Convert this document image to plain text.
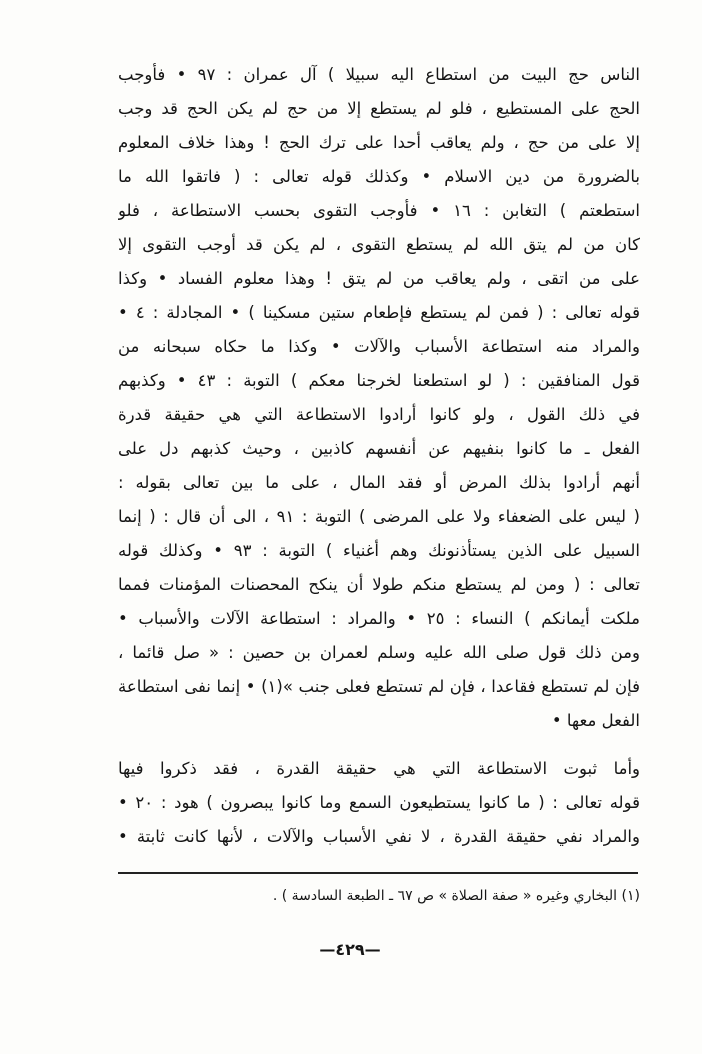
الناس حج البيت من استطاع اليه سبيلا ) آل عمران : ٩٧ • فأوجب
الحج على المستطيع ، فلو لم يستطع إلا من حج لم يكن الحج قد وجب
إلا على من حج ، ولم يعاقب أحدا على ترك الحج ! وهذا خلاف المعلوم
بالضرورة من دين الاسلام • وكذلك قوله تعالى : ( فاتقوا الله ما
استطعتم ) التغابن : ١٦ • فأوجب التقوى بحسب الاستطاعة ، فلو
كان من لم يتق الله لم يستطع التقوى ، لم يكن قد أوجب التقوى إلا
على من اتقى ، ولم يعاقب من لم يتق ! وهذا معلوم الفساد • وكذا
قوله تعالى : ( فمن لم يستطع فإطعام ستين مسكينا ) • المجادلة : ٤ •
والمراد منه استطاعة الأسباب والآلات • وكذا ما حكاه سبحانه من
قول المنافقين : ( لو استطعنا لخرجنا معكم ) التوبة : ٤٣ • وكذبهم
في ذلك القول ، ولو كانوا أرادوا الاستطاعة التي هي حقيقة قدرة
الفعل ـ ما كانوا بنفيهم عن أنفسهم كاذبين ، وحيث كذبهم دل على
أنهم أرادوا بذلك المرض أو فقد المال ، على ما بين تعالى بقوله :
( ليس على الضعفاء ولا على المرضى ) التوبة : ٩١ ، الى أن قال : ( إنما
السبيل على الذين يستأذنونك وهم أغنياء ) التوبة : ٩٣ • وكذلك قوله
تعالى : ( ومن لم يستطع منكم طولا أن ينكح المحصنات المؤمنات فمما
ملكت أيمانكم ) النساء : ٢٥ • والمراد : استطاعة الآلات والأسباب •
ومن ذلك قول صلى الله عليه وسلم لعمران بن حصين : « صل قائما ،
فإن لم تستطع فقاعدا ، فإن لم تستطع فعلى جنب »(١) • إنما نفى استطاعة
الفعل معها •
وأما ثبوت الاستطاعة التي هي حقيقة القدرة ، فقد ذكروا فيها
قوله تعالى : ( ما كانوا يستطيعون السمع وما كانوا يبصرون ) هود : ٢٠ •
والمراد نفي حقيقة القدرة ، لا نفي الأسباب والآلات ، لأنها كانت ثابتة •
(١) البخاري وغيره « صفة الصلاة » ص ٦٧ ـ الطبعة السادسة ) .
—٤٢٩—
